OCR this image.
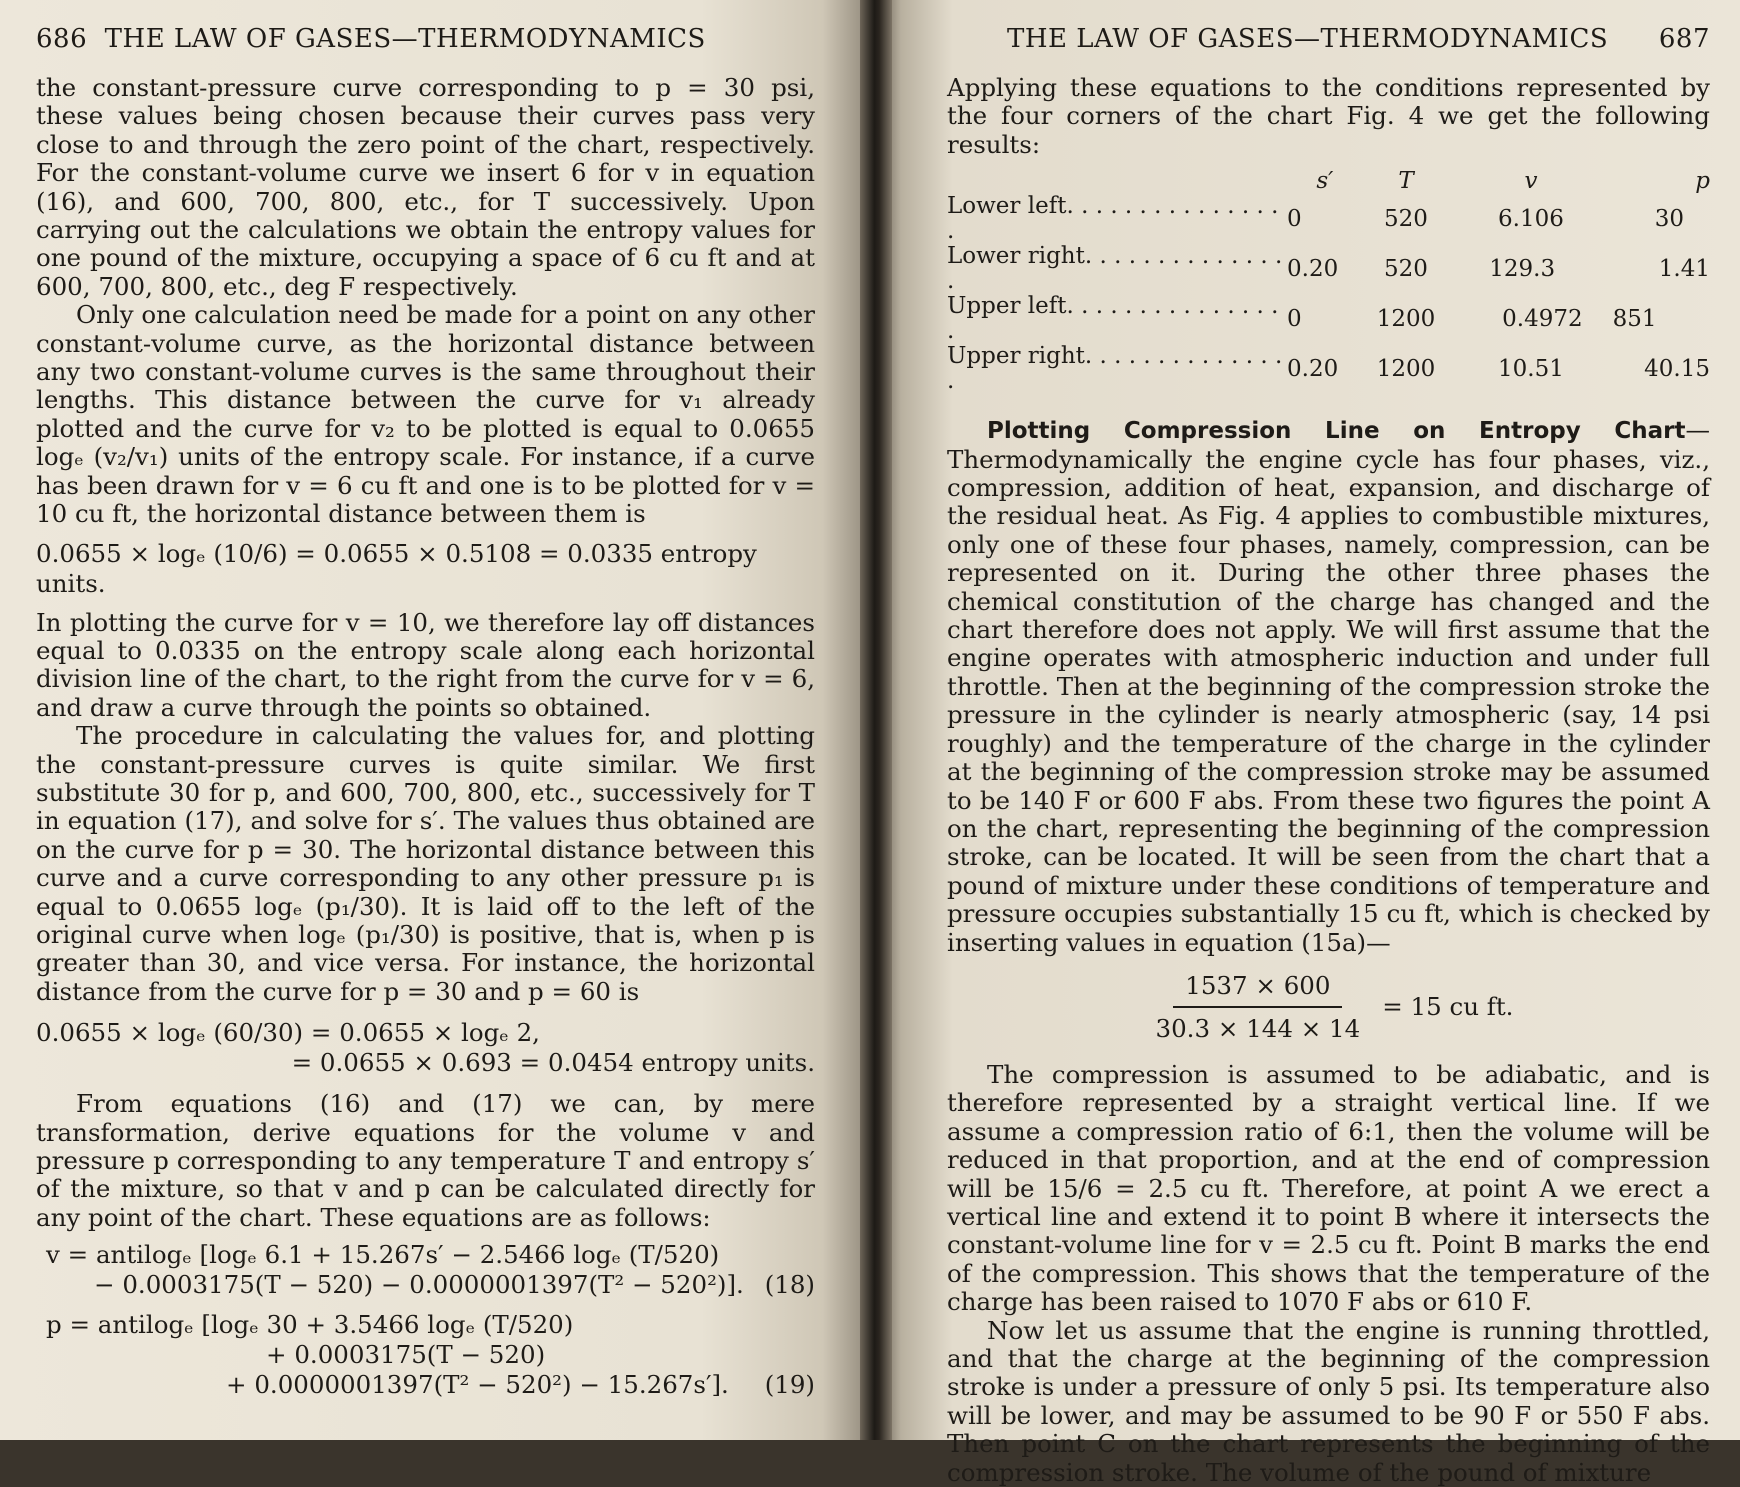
686 THE LAW OF GASES—THERMODYNAMICS

the constant-pressure curve corresponding to p = 30 psi, these values being chosen because their curves pass very close to and through the zero point of the chart, respectively. For the constant-volume curve we insert 6 for v in equation (16), and 600, 700, 800, etc., for T successively. Upon carrying out the calculations we obtain the entropy values for one pound of the mixture, occupying a space of 6 cu ft and at 600, 700, 800, etc., deg F respectively.

Only one calculation need be made for a point on any other constant-volume curve, as the horizontal distance between any two constant-volume curves is the same throughout their lengths. This distance between the curve for v₁ already plotted and the curve for v₂ to be plotted is equal to 0.0655 logₑ (v₂/v₁) units of the entropy scale. For instance, if a curve has been drawn for v = 6 cu ft and one is to be plotted for v = 10 cu ft, the horizontal distance between them is

0.0655 × logₑ (10/6) = 0.0655 × 0.5108 = 0.0335 entropy units.

In plotting the curve for v = 10, we therefore lay off distances equal to 0.0335 on the entropy scale along each horizontal division line of the chart, to the right from the curve for v = 6, and draw a curve through the points so obtained.

The procedure in calculating the values for, and plotting the constant-pressure curves is quite similar. We first substitute 30 for p, and 600, 700, 800, etc., successively for T in equation (17), and solve for s′. The values thus obtained are on the curve for p = 30. The horizontal distance between this curve and a curve corresponding to any other pressure p₁ is equal to 0.0655 logₑ (p₁/30). It is laid off to the left of the original curve when logₑ (p₁/30) is positive, that is, when p is greater than 30, and vice versa. For instance, the horizontal distance from the curve for p = 30 and p = 60 is

0.0655 × logₑ (60/30) = 0.0655 × logₑ 2,
= 0.0655 × 0.693 = 0.0454 entropy units.

From equations (16) and (17) we can, by mere transformation, derive equations for the volume v and pressure p corresponding to any temperature T and entropy s′ of the mixture, so that v and p can be calculated directly for any point of the chart. These equations are as follows:

v = antilogₑ [logₑ 6.1 + 15.267s′ − 2.5466 logₑ (T/520)
− 0.0003175(T − 520) − 0.0000001397(T² − 520²)]. (18)
p = antilogₑ [logₑ 30 + 3.5466 logₑ (T/520)
+ 0.0003175(T − 520)
+ 0.0000001397(T² − 520²) − 15.267s′]. (19)
THE LAW OF GASES—THERMODYNAMICS 687

Applying these equations to the conditions represented by the four corners of the chart Fig. 4 we get the following results:

	s′	T	v	p
Lower left. . . . . . . . . . . . . . . .	0	520	6.106	30
Lower right. . . . . . . . . . . . . . .	0.20	520	129.3	1.41
Upper left. . . . . . . . . . . . . . . .	0	1200	0.4972	851
Upper right. . . . . . . . . . . . . . .	0.20	1200	10.51	40.15

Plotting Compression Line on Entropy Chart—Thermodynamically the engine cycle has four phases, viz., compression, addition of heat, expansion, and discharge of the residual heat. As Fig. 4 applies to combustible mixtures, only one of these four phases, namely, compression, can be represented on it. During the other three phases the chemical constitution of the charge has changed and the chart therefore does not apply. We will first assume that the engine operates with atmospheric induction and under full throttle. Then at the beginning of the compression stroke the pressure in the cylinder is nearly atmospheric (say, 14 psi roughly) and the temperature of the charge in the cylinder at the beginning of the compression stroke may be assumed to be 140 F or 600 F abs. From these two figures the point A on the chart, representing the beginning of the compression stroke, can be located. It will be seen from the chart that a pound of mixture under these conditions of temperature and pressure occupies substantially 15 cu ft, which is checked by inserting values in equation (15a)—

$\frac{1537 \times 600}{30.3 \times 144 \times 14} = 15$ cu ft.

The compression is assumed to be adiabatic, and is therefore represented by a straight vertical line. If we assume a compression ratio of 6:1, then the volume will be reduced in that proportion, and at the end of compression will be 15/6 = 2.5 cu ft. Therefore, at point A we erect a vertical line and extend it to point B where it intersects the constant-volume line for v = 2.5 cu ft. Point B marks the end of the compression. This shows that the temperature of the charge has been raised to 1070 F abs or 610 F.

Now let us assume that the engine is running throttled, and that the charge at the beginning of the compression stroke is under a pressure of only 5 psi. Its temperature also will be lower, and may be assumed to be 90 F or 550 F abs. Then point C on the chart represents the beginning of the compression stroke. The volume of the pound of mixture
